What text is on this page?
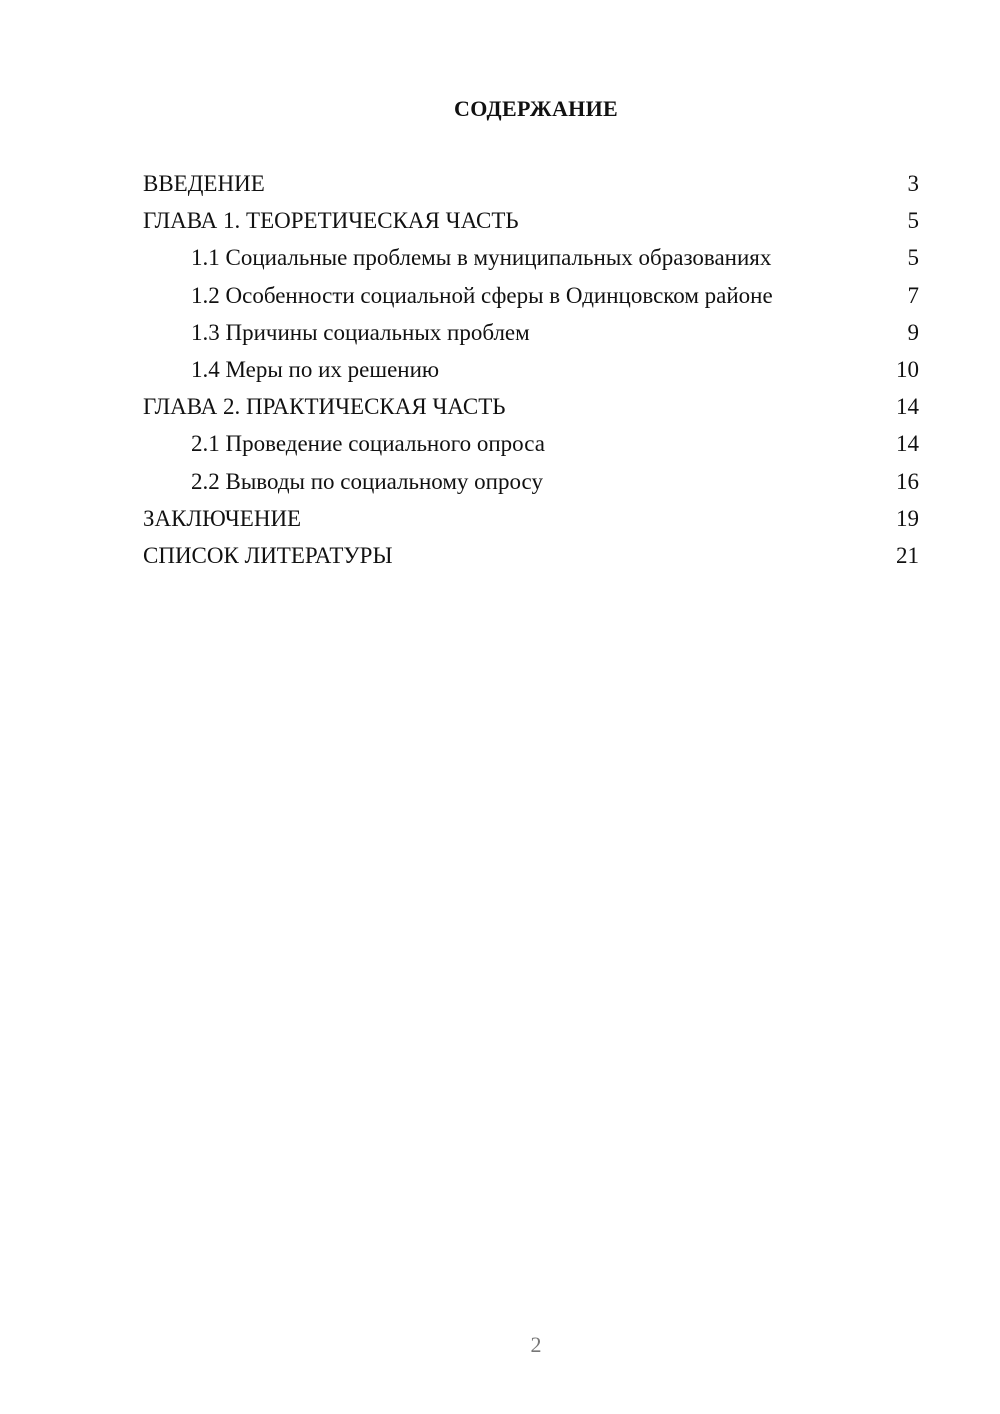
СОДЕРЖАНИЕ
ВВЕДЕНИЕ	3
ГЛАВА 1. ТЕОРЕТИЧЕСКАЯ ЧАСТЬ	5
1.1 Социальные проблемы в муниципальных образованиях	5
1.2 Особенности социальной сферы в Одинцовском районе	7
1.3 Причины социальных проблем	9
1.4 Меры по их решению	10
ГЛАВА 2. ПРАКТИЧЕСКАЯ ЧАСТЬ	14
2.1 Проведение социального опроса	14
2.2 Выводы по социальному опросу	16
ЗАКЛЮЧЕНИЕ	19
СПИСОК ЛИТЕРАТУРЫ	21
2
